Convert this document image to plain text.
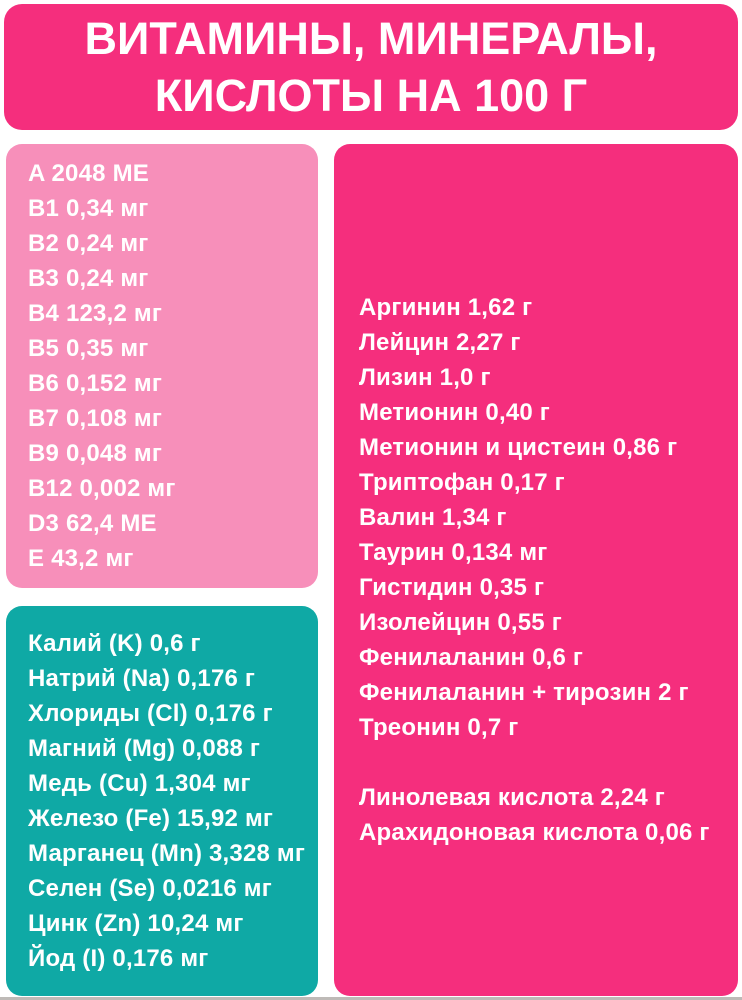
ВИТАМИНЫ, МИНЕРАЛЫ,
КИСЛОТЫ НА 100 Г
A 2048 МЕ
B1 0,34 мг
B2 0,24 мг
B3 0,24 мг
B4 123,2 мг
B5 0,35 мг
B6 0,152 мг
B7 0,108 мг
B9 0,048 мг
B12 0,002 мг
D3 62,4 МЕ
E 43,2 мг
Калий (K) 0,6 г
Натрий (Na) 0,176 г
Хлориды (Cl) 0,176 г
Магний (Mg) 0,088 г
Медь (Cu) 1,304 мг
Железо (Fe) 15,92 мг
Марганец (Mn) 3,328 мг
Селен (Se) 0,0216 мг
Цинк (Zn) 10,24 мг
Йод (I) 0,176 мг
Аргинин 1,62 г
Лейцин 2,27 г
Лизин 1,0 г
Метионин 0,40 г
Метионин и цистеин 0,86 г
Триптофан 0,17 г
Валин 1,34 г
Таурин 0,134 мг
Гистидин 0,35 г
Изолейцин 0,55 г
Фенилаланин 0,6 г
Фенилаланин + тирозин 2 г
Треонин 0,7 г
Линолевая кислота 2,24 г
Арахидоновая кислота 0,06 г
